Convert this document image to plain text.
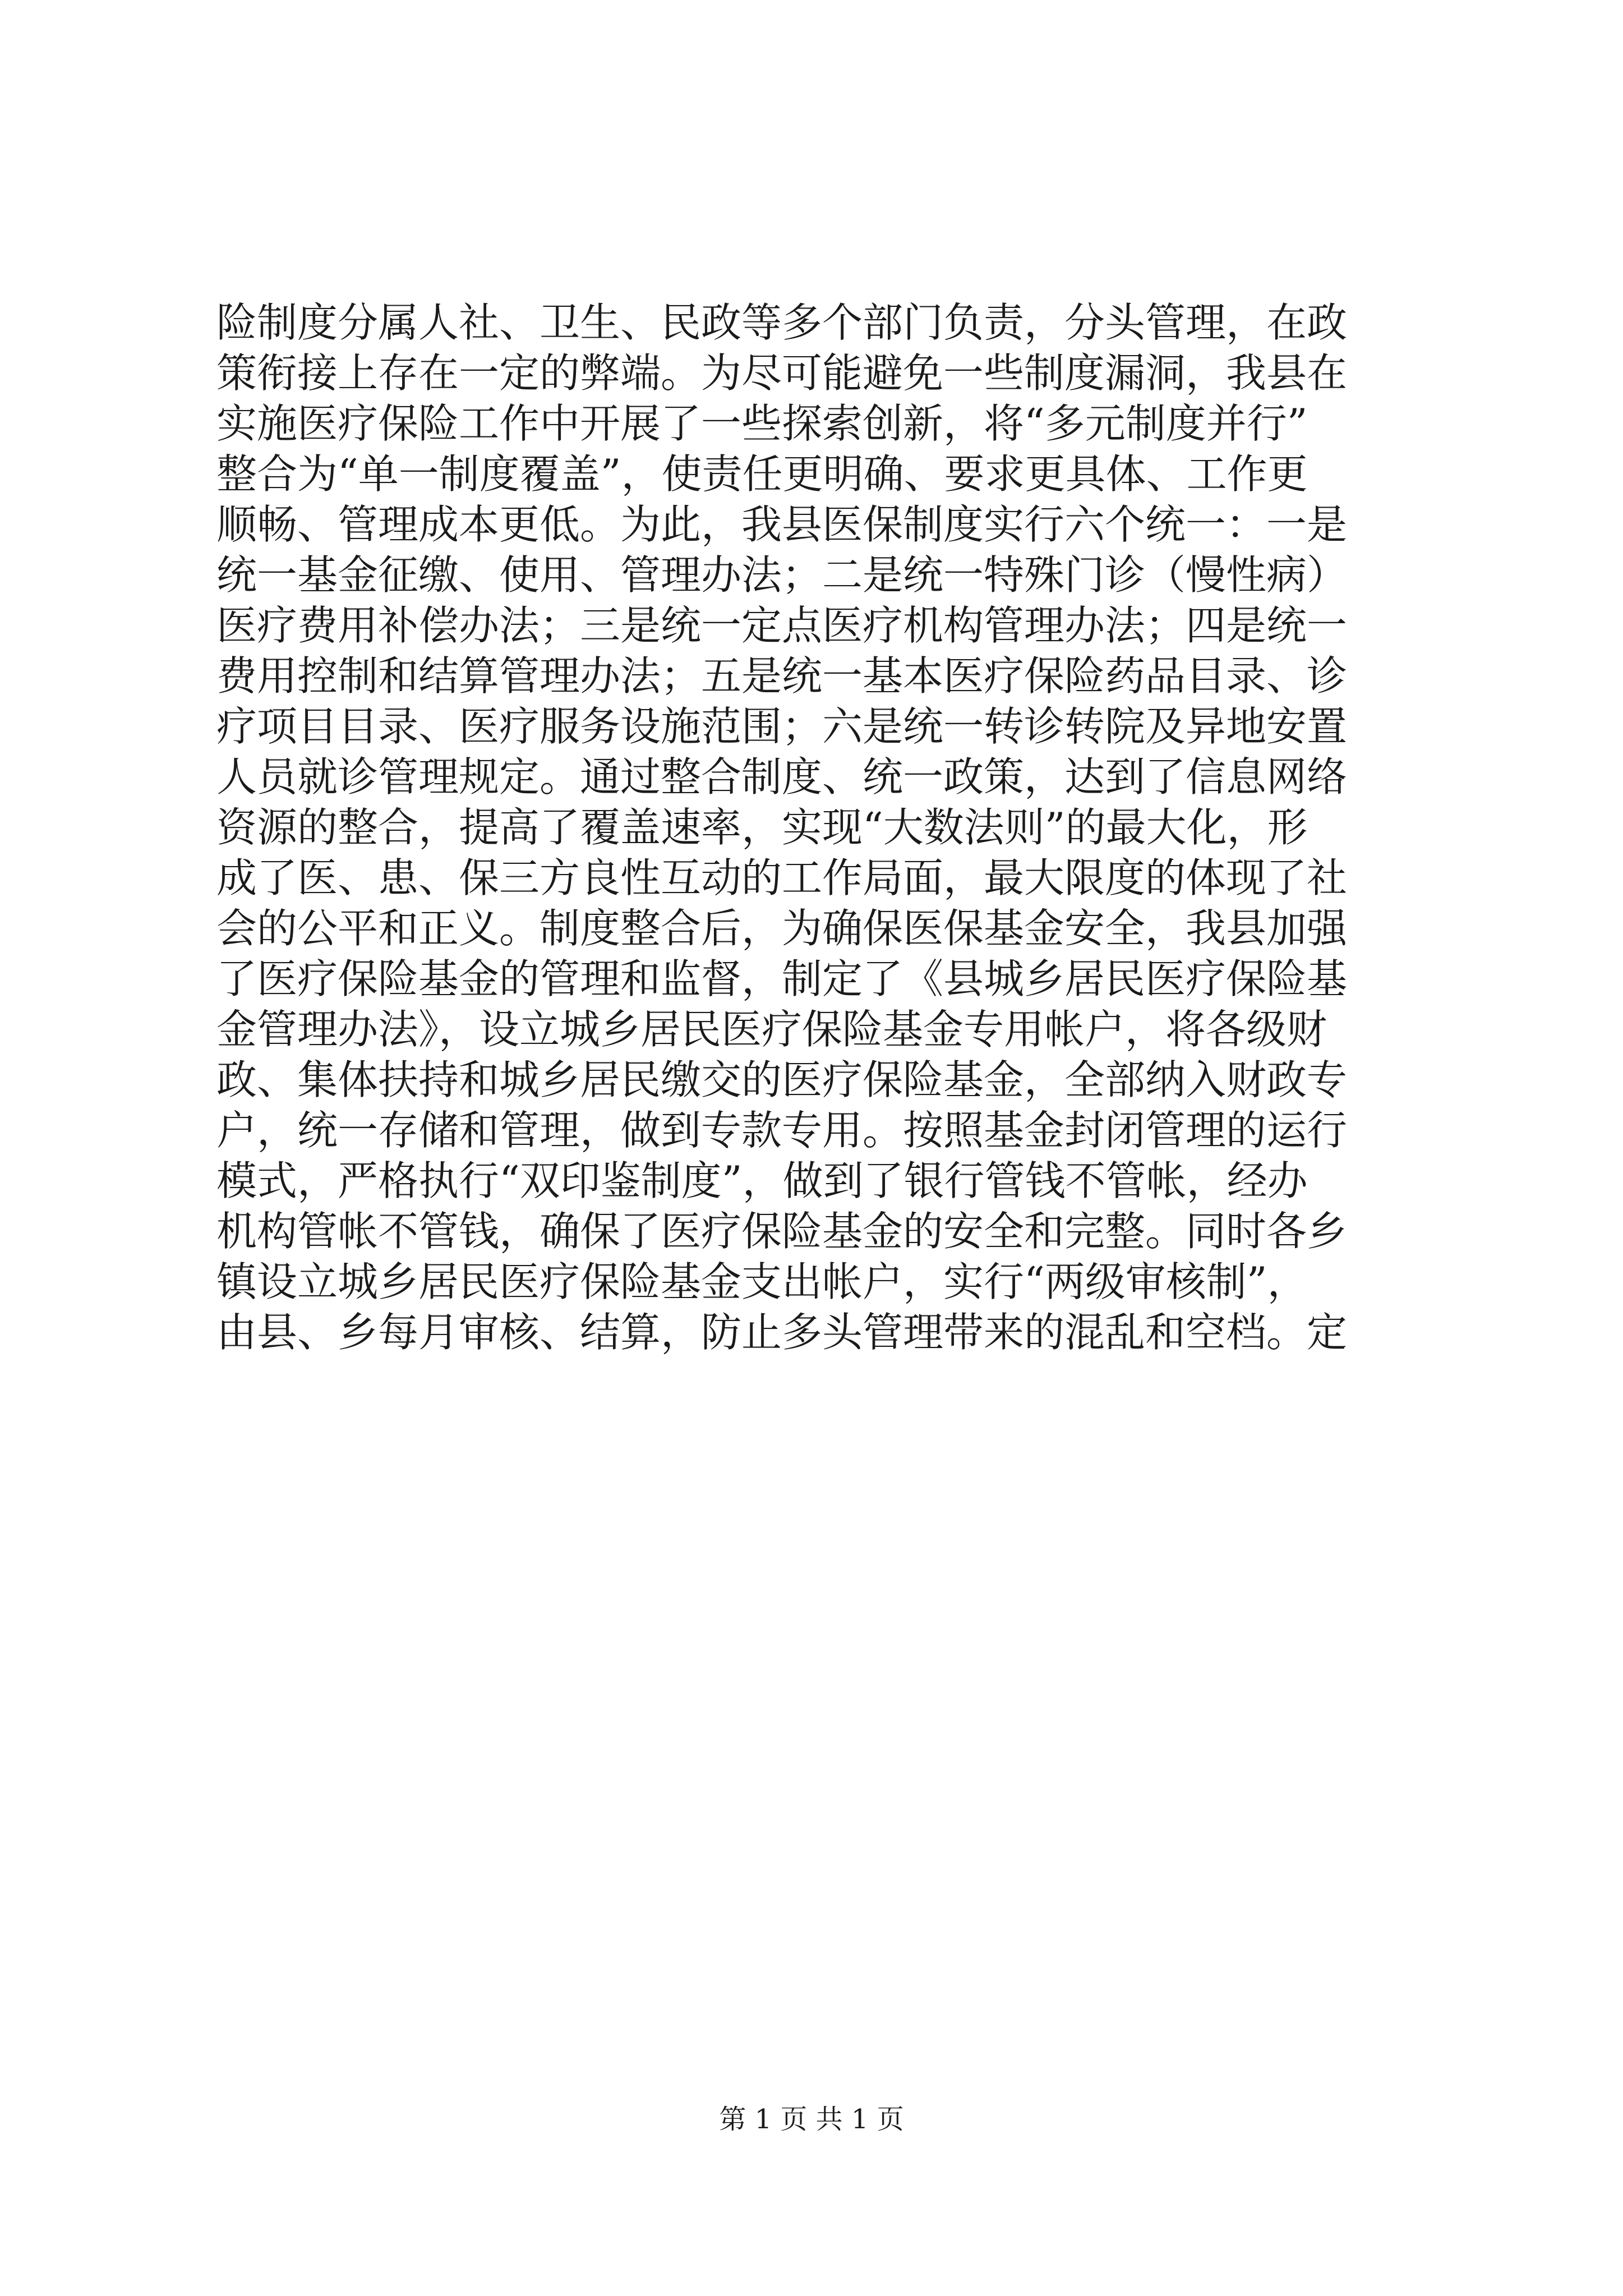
险制度分属人社、卫生、民政等多个部门负责，分头管理，在政
策衔接上存在一定的弊端。为尽可能避免一些制度漏洞，我县在
实施医疗保险工作中开展了一些探索创新，将“多元制度并行”
整合为“单一制度覆盖”，使责任更明确、要求更具体、工作更
顺畅、管理成本更低。为此，我县医保制度实行六个统一：一是
统一基金征缴、使用、管理办法；二是统一特殊门诊（慢性病）
医疗费用补偿办法；三是统一定点医疗机构管理办法；四是统一
费用控制和结算管理办法；五是统一基本医疗保险药品目录、诊
疗项目目录、医疗服务设施范围；六是统一转诊转院及异地安置
人员就诊管理规定。通过整合制度、统一政策，达到了信息网络
资源的整合，提高了覆盖速率，实现“大数法则”的最大化，形
成了医、患、保三方良性互动的工作局面，最大限度的体现了社
会的公平和正义。制度整合后，为确保医保基金安全，我县加强
了医疗保险基金的管理和监督，制定了《县城乡居民医疗保险基
金管理办法》，设立城乡居民医疗保险基金专用帐户，将各级财
政、集体扶持和城乡居民缴交的医疗保险基金，全部纳入财政专
户，统一存储和管理，做到专款专用。按照基金封闭管理的运行
模式，严格执行“双印鉴制度”，做到了银行管钱不管帐，经办
机构管帐不管钱，确保了医疗保险基金的安全和完整。同时各乡
镇设立城乡居民医疗保险基金支出帐户，实行“两级审核制”，
由县、乡每月审核、结算，防止多头管理带来的混乱和空档。定
第 1 页 共 1 页
